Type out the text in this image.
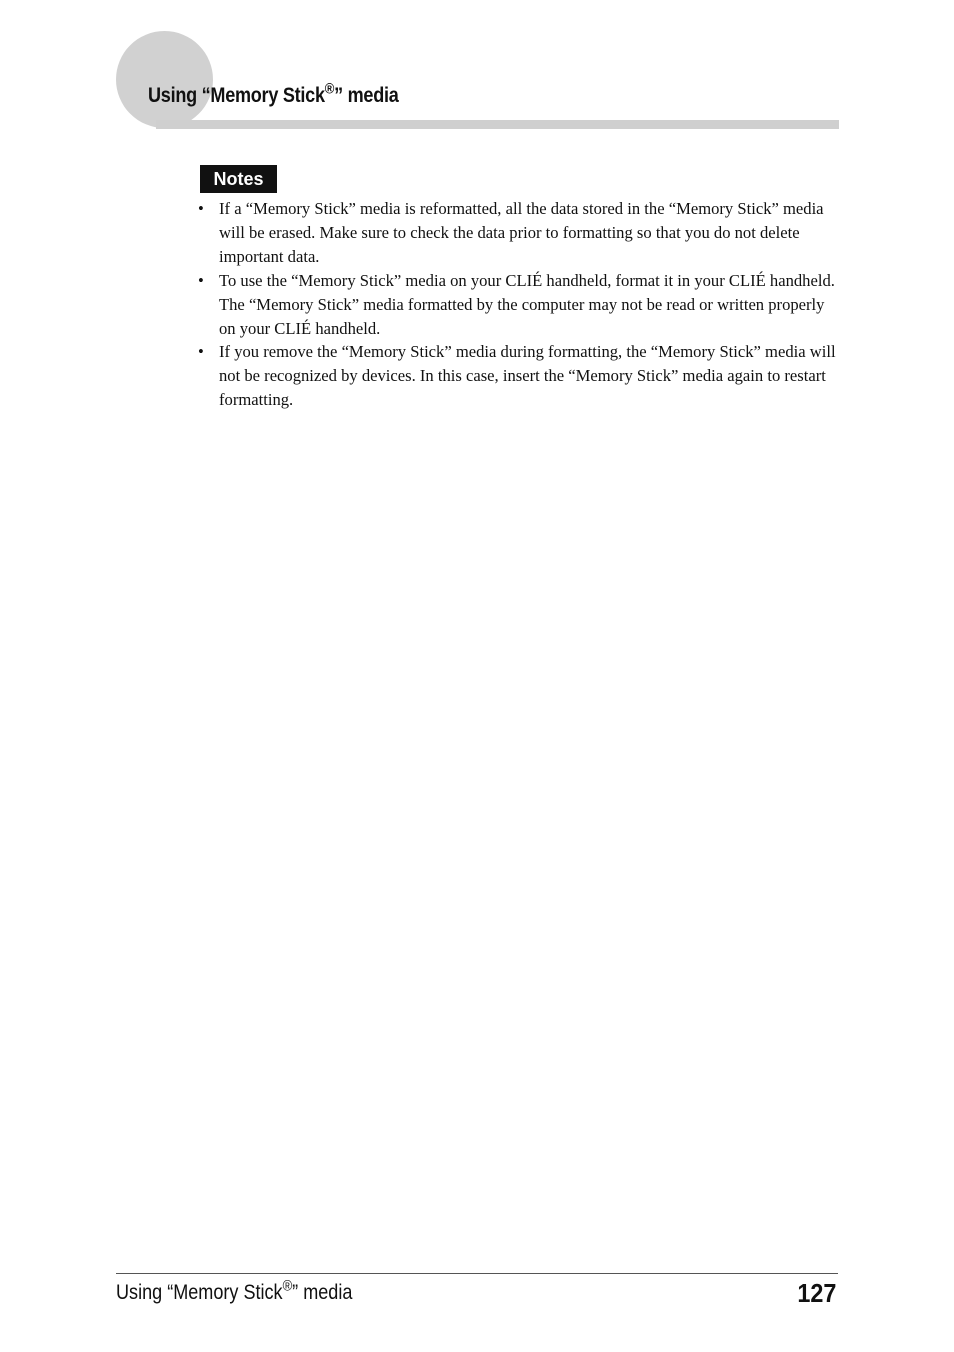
Using “Memory Stick®” media
Notes
• If a “Memory Stick” media is reformatted, all the data stored in the “Memory Stick” media will be erased. Make sure to check the data prior to formatting so that you do not delete important data.
• To use the “Memory Stick” media on your CLIÉ handheld, format it in your CLIÉ handheld. The “Memory Stick” media formatted by the computer may not be read or written properly on your CLIÉ handheld.
• If you remove the “Memory Stick” media during formatting, the “Memory Stick” media will not be recognized by devices. In this case, insert the “Memory Stick” media again to restart formatting.
Using “Memory Stick®” media	127
